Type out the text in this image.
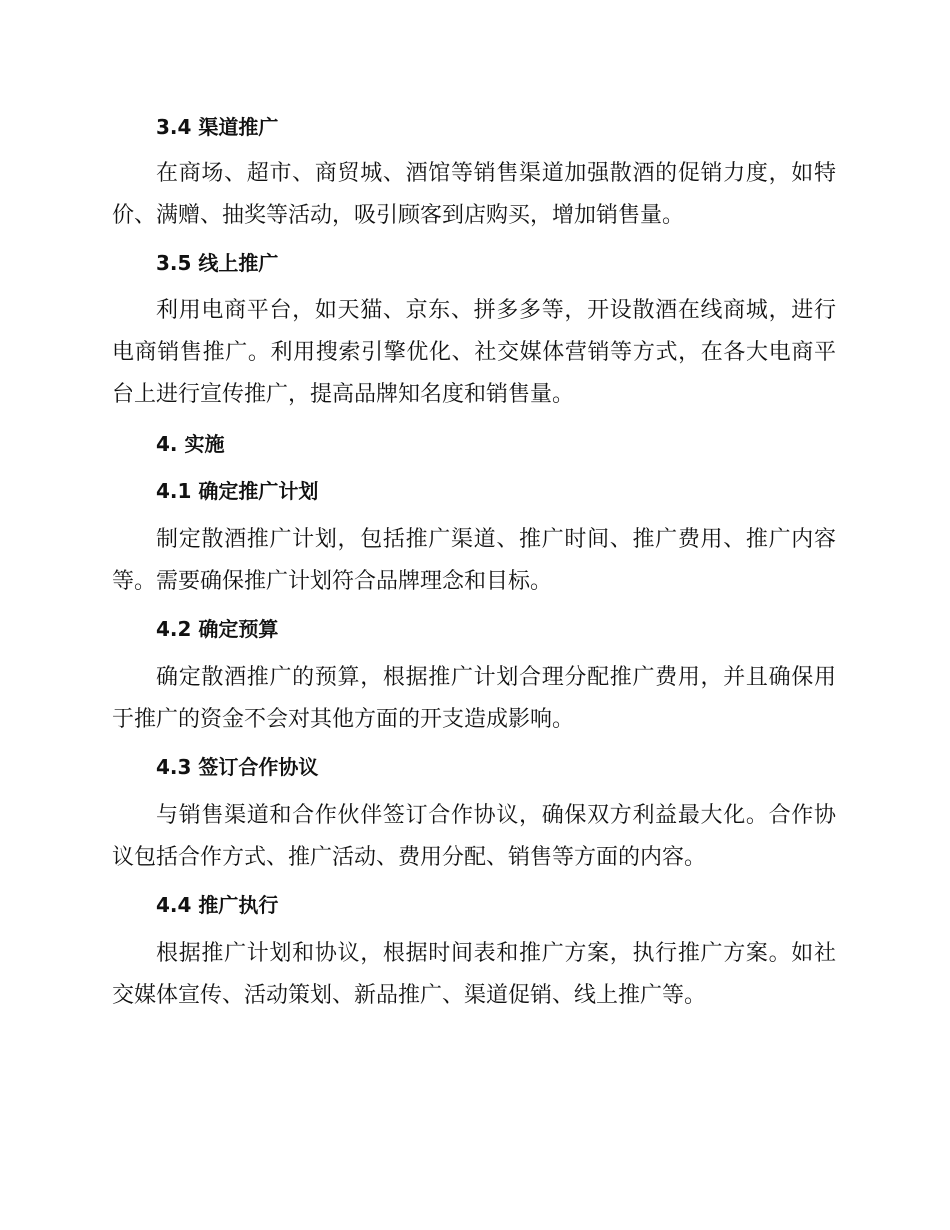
3.4 渠道推广

在商场、超市、商贸城、酒馆等销售渠道加强散酒的促销力度，如特价、满赠、抽奖等活动，吸引顾客到店购买，增加销售量。

3.5 线上推广

利用电商平台，如天猫、京东、拼多多等，开设散酒在线商城，进行电商销售推广。利用搜索引擎优化、社交媒体营销等方式，在各大电商平台上进行宣传推广，提高品牌知名度和销售量。

4. 实施
4.1 确定推广计划

制定散酒推广计划，包括推广渠道、推广时间、推广费用、推广内容等。需要确保推广计划符合品牌理念和目标。

4.2 确定预算

确定散酒推广的预算，根据推广计划合理分配推广费用，并且确保用于推广的资金不会对其他方面的开支造成影响。

4.3 签订合作协议

与销售渠道和合作伙伴签订合作协议，确保双方利益最大化。合作协议包括合作方式、推广活动、费用分配、销售等方面的内容。

4.4 推广执行

根据推广计划和协议，根据时间表和推广方案，执行推广方案。如社交媒体宣传、活动策划、新品推广、渠道促销、线上推广等。
